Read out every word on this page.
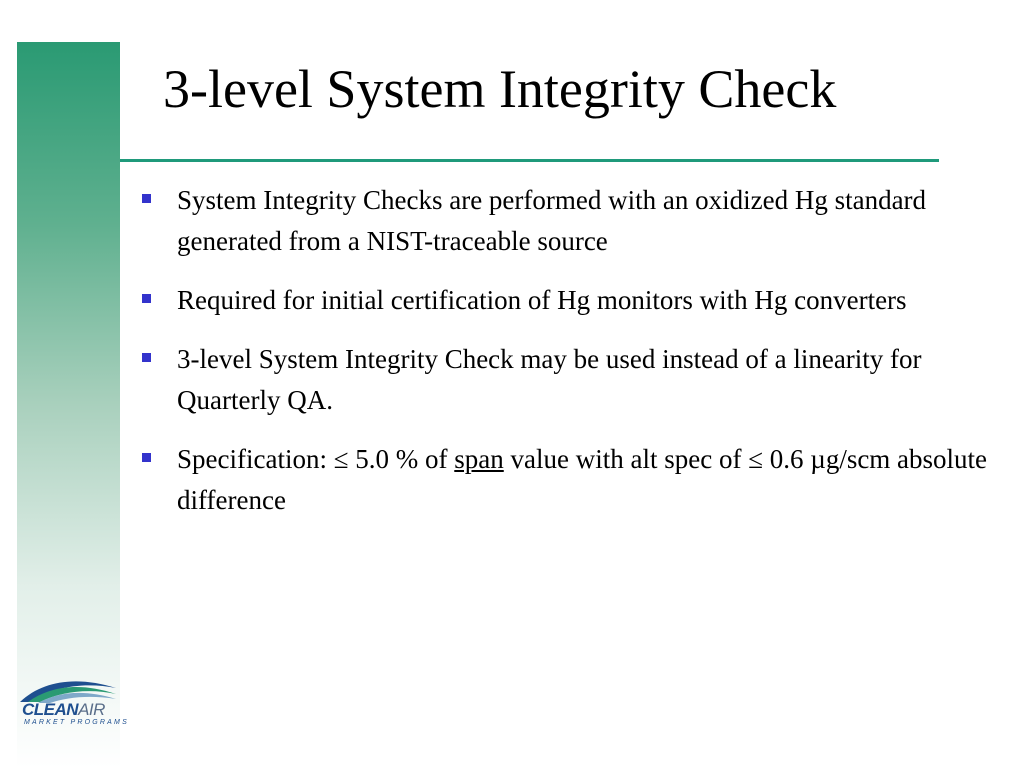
3-level System Integrity Check
System Integrity Checks are performed with an oxidized Hg standard generated from a NIST-traceable source
Required for initial certification of Hg monitors with Hg converters
3-level System Integrity Check may be used instead of a linearity for Quarterly QA.
Specification: ≤ 5.0 % of span value with alt spec of ≤ 0.6 µg/scm absolute difference
CLEANAIR
MARKET PROGRAMS
